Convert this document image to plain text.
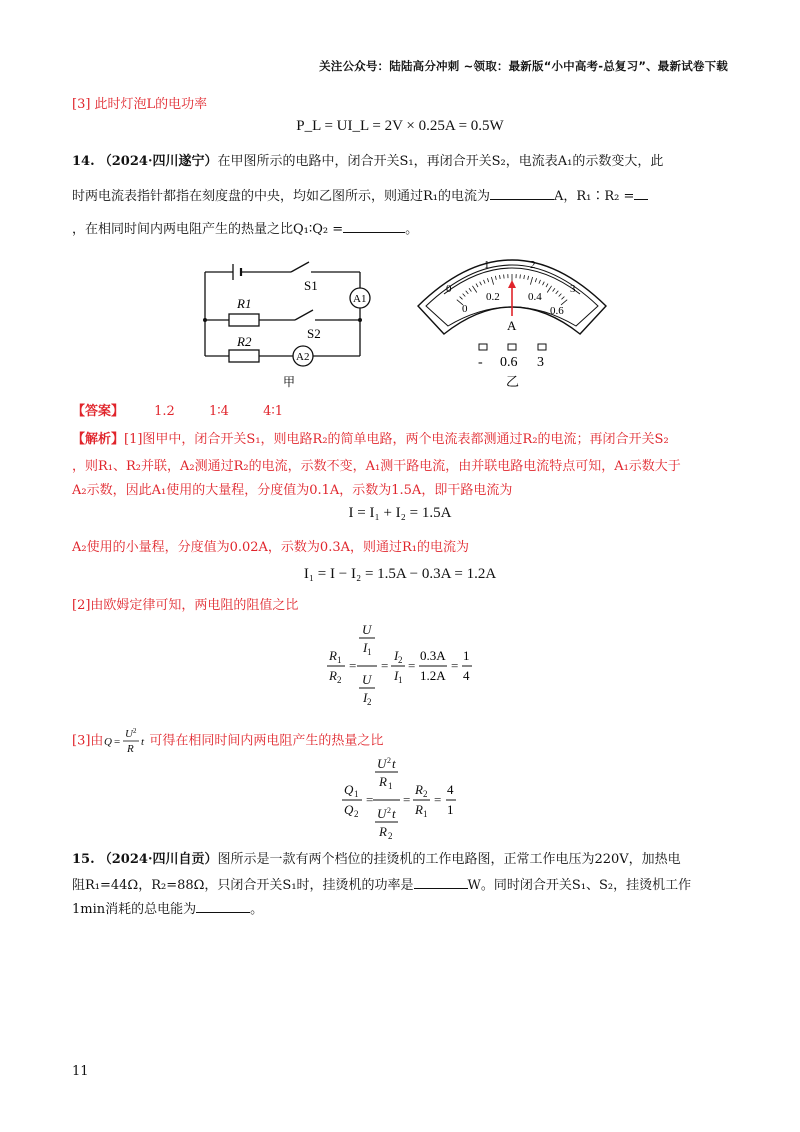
关注公众号：陆陆高分冲刺 ~领取：最新版“小中高考-总复习”、最新试卷下载
[3] 此时灯泡L的电功率
P_L = UI_L = 2V × 0.25A = 0.5W
14. （2024·四川遂宁）在甲图所示的电路中，闭合开关S₁，再闭合开关S₂，电流表A₁的示数变大，此
时两电流表指针都指在刻度盘的中央，均如乙图所示，则通过R₁的电流为	A，R₁∶R₂ =
，在相同时间内两电阻产生的热量之比Q₁∶Q₂ =	。
S1
S2
R1
R2
A1
A2
甲
0
1	2
3
0
0.2	0.4
0.6
A
- 0.6 3
乙
【答案】 1.2	1∶4	4∶1
【解析】[1]图甲中，闭合开关S₁，则电路R₂的简单电路，两个电流表都测通过R₂的电流；再闭合开关S₂
，则R₁、R₂并联，A₂测通过R₂的电流，示数不变，A₁测干路电流，由并联电路电流特点可知，A₁示数大于
A₂示数，因此A₁使用的大量程，分度值为0.1A，示数为1.5A，即干路电流为
I = I₁ + I₂ = 1.5A
A₂使用的小量程，分度值为0.02A，示数为0.3A，则通过R₁的电流为
I₁ = I − I₂ = 1.5A − 0.3A = 1.2A
[2]由欧姆定律可知，两电阻的阻值之比
R 1
R 2
=
U
I 1
U
I 2
=
I 2
I 1
=	=
0.3A
1.2A
1
4
[3]由 Q =
U 2
R
t 可得在相同时间内两电阻产生的热量之比
Q 1
Q 2
=
U 2 t
R 1
U 2 t
R 2
=
R 2
R 1
=
4
1
15. （2024·四川自贡）图所示是一款有两个档位的挂烫机的工作电路图，正常工作电压为220V，加热电
阻R₁=44Ω，R₂=88Ω，只闭合开关S₁时，挂烫机的功率是	W。同时闭合开关S₁、S₂，挂烫机工作
1min消耗的总电能为	。
11
